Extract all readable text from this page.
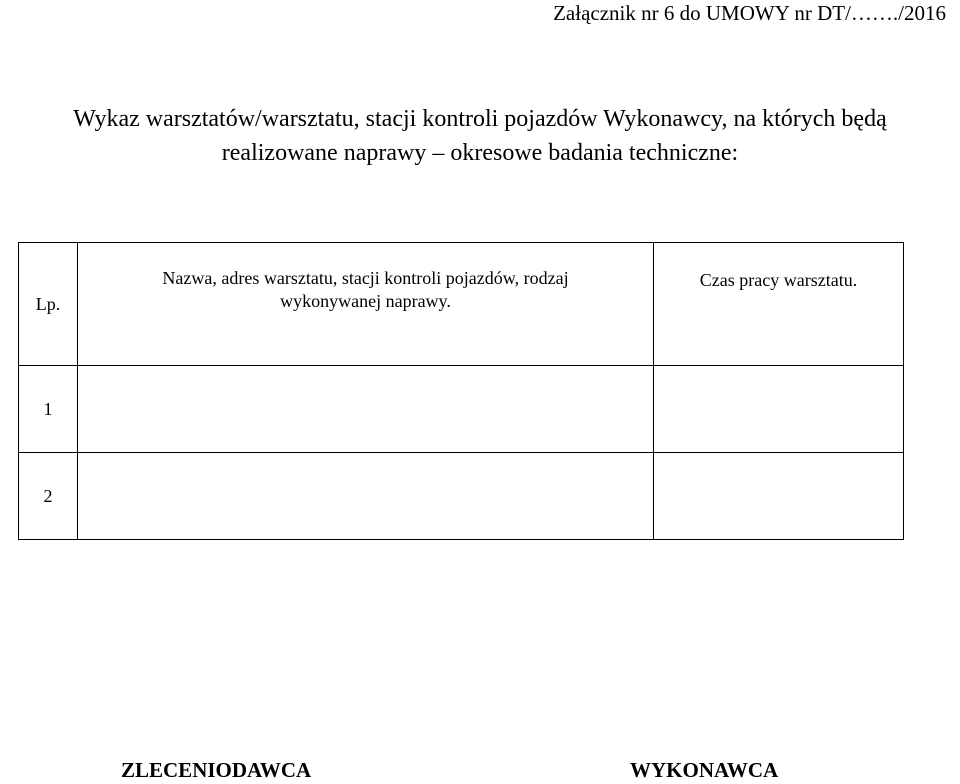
Załącznik nr 6 do UMOWY nr DT/……./2016
Wykaz warsztatów/warsztatu, stacji kontroli pojazdów Wykonawcy, na których będą
realizowane naprawy – okresowe badania techniczne:
Lp.	Nazwa, adres warsztatu, stacji kontroli pojazdów, rodzaj
wykonywanej naprawy.	Czas pracy warsztatu.
1		
2		
ZLECENIODAWCA	WYKONAWCA
